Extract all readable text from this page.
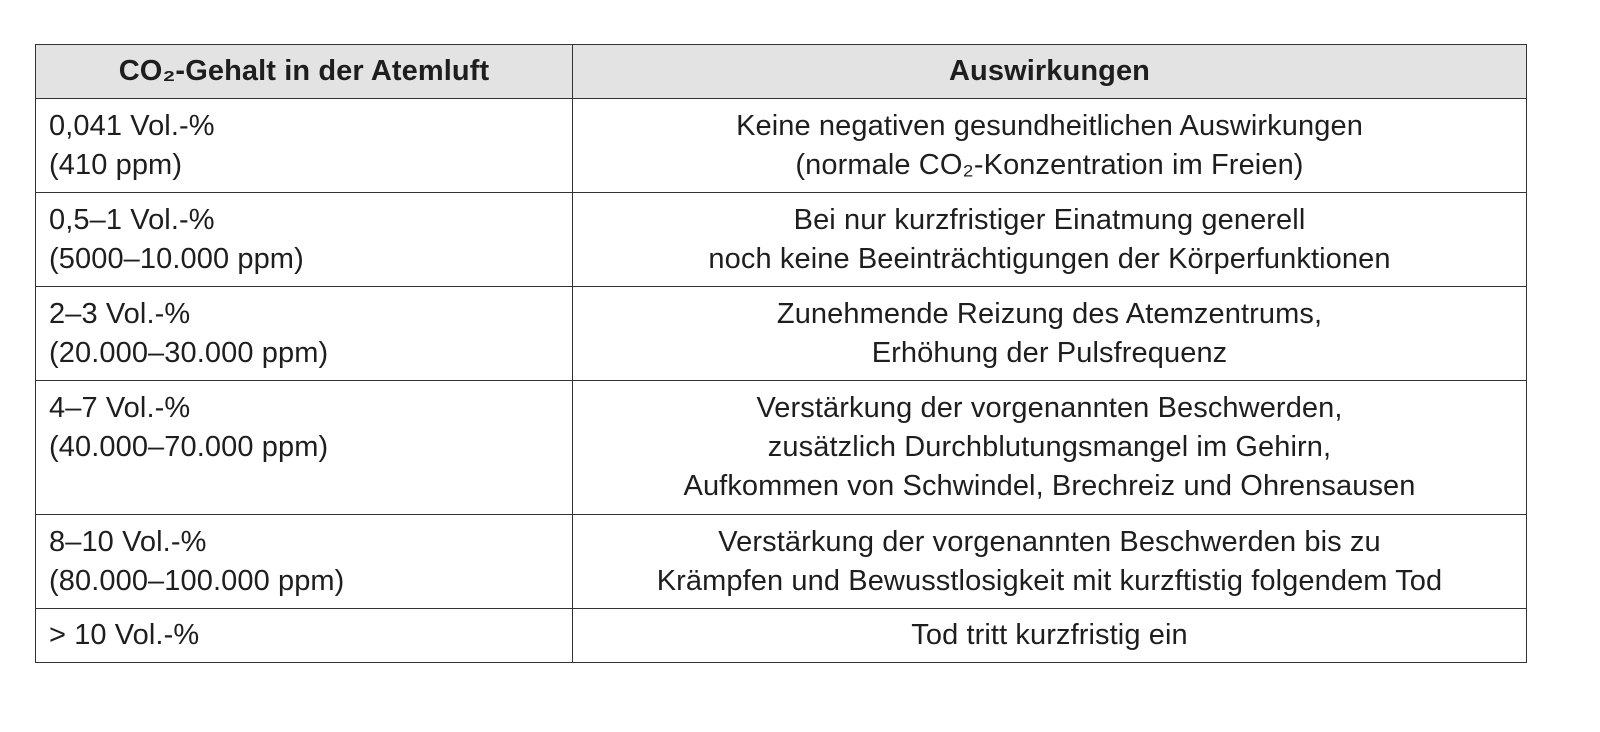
CO₂-Gehalt in der Atemluft	Auswirkungen

0,041 Vol.-%
(410 ppm)	Keine negativen gesundheitlichen Auswirkungen
(normale CO₂-Konzentration im Freien)

0,5–1 Vol.-%
(5000–10.000 ppm)	Bei nur kurzfristiger Einatmung generell
noch keine Beeinträchtigungen der Körperfunktionen

2–3 Vol.-%
(20.000–30.000 ppm)	Zunehmende Reizung des Atemzentrums,
Erhöhung der Pulsfrequenz

4–7 Vol.-%
(40.000–70.000 ppm)	Verstärkung der vorgenannten Beschwerden,
zusätzlich Durchblutungsmangel im Gehirn,
Aufkommen von Schwindel, Brechreiz und Ohrensausen

8–10 Vol.-%
(80.000–100.000 ppm)	Verstärkung der vorgenannten Beschwerden bis zu
Krämpfen und Bewusstlosigkeit mit kurzftistig folgendem Tod

> 10 Vol.-%	Tod tritt kurzfristig ein
